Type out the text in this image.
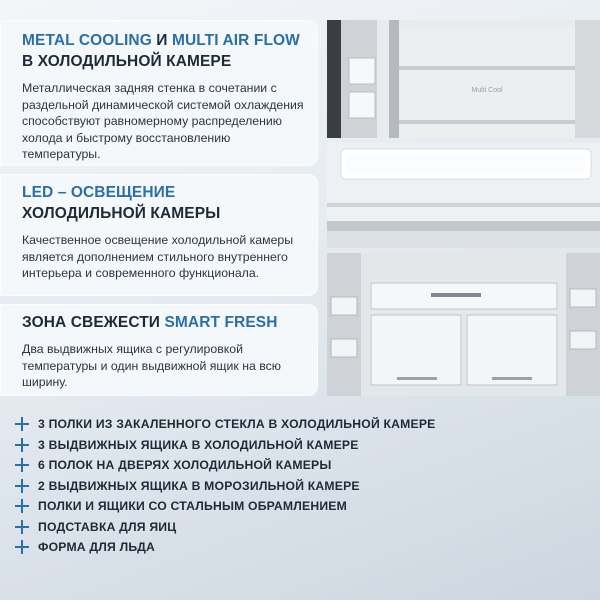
METAL COOLING И MULTI AIR FLOW
В ХОЛОДИЛЬНОЙ КАМЕРЕ

Металлическая задняя стенка в сочетании с раздельной динамической системой охлаждения способствуют равномерному распределению холода и быстрому восстановлению температуры.

LED – ОСВЕЩЕНИЕ
ХОЛОДИЛЬНОЙ КАМЕРЫ

Качественное освещение холодильной камеры является дополнением стильного внутреннего интерьера и современного функционала.

ЗОНА СВЕЖЕСТИ SMART FRESH

Два выдвижных ящика с регулировкой температуры и один выдвижной ящик на всю ширину.

Multi Cool
3 ПОЛКИ ИЗ ЗАКАЛЕННОГО СТЕКЛА В ХОЛОДИЛЬНОЙ КАМЕРЕ
3 ВЫДВИЖНЫХ ЯЩИКА В ХОЛОДИЛЬНОЙ КАМЕРЕ
6 ПОЛОК НА ДВЕРЯХ ХОЛОДИЛЬНОЙ КАМЕРЫ
2 ВЫДВИЖНЫХ ЯЩИКА В МОРОЗИЛЬНОЙ КАМЕРЕ
ПОЛКИ И ЯЩИКИ СО СТАЛЬНЫМ ОБРАМЛЕНИЕМ
ПОДСТАВКА ДЛЯ ЯИЦ
ФОРМА ДЛЯ ЛЬДА
